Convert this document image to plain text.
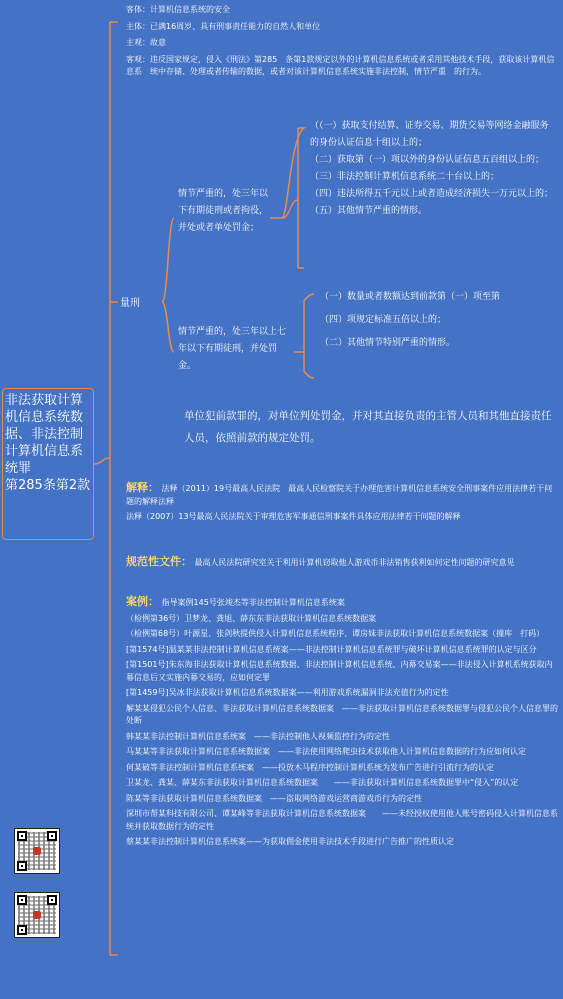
非法获取计算机信息系统数据、非法控制计算机信息系统罪
第285条第2款
客体：计算机信息系统的安全
主体：已满16周岁、具有刑事责任能力的自然人和单位
主观：故意
客观：违反国家规定，侵入《刑法》第285　条第1款规定以外的计算机信息系统或者采用其他技术手段，获取该计算机信息系　统中存储、处理或者传输的数据，或者对该计算机信息系统实施非法控制，情节严重　的行为。
量刑
情节严重的，处三年以下有期徒刑或者拘役，并处或者单处罚金；
（（一）获取支付结算、证券交易、期货交易等网络金融服务的身份认证信息十组以上的；
（二）获取第（一）项以外的身份认证信息五百组以上的；
（三）非法控制计算机信息系统二十台以上的；
（四）违法所得五千元以上或者造成经济损失一万元以上的；
（五）其他情节严重的情形。
情节严重的，处三年以上七年以下有期徒刑，并处罚金。
（一）数量或者数额达到前款第（一）项至第
（四）项规定标准五倍以上的；
（二）其他情节特别严重的情形。
单位犯前款罪的，对单位判处罚金，并对其直接负责的主管人员和其他直接责任人员，依照前款的规定处罚。
解释： 法释（2011）19号最高人民法院　最高人民检察院关于办理危害计算机信息系统安全刑事案件应用法律若干问题的解释法释
法释（2007）13号最高人民法院关于审理危害军事通信刑事案件具体应用法律若干问题的解释
规范性文件： 最高人民法院研究室关于利用计算机窃取他人游戏币非法销售获利如何定性问题的研究意见
案例： 指导案例145号张竣杰等非法控制计算机信息系统案
（检例第36号）卫梦龙、龚旭、薛东东非法获取计算机信息系统数据案
（检例第68号）叶源星、张剑秋提供侵入计算机信息系统程序、谭房妹非法获取计算机信息系统数据案（撞库　打码）
[第1574号]温某某非法控制计算机信息系统案——非法控制计算机信息系统罪与破坏计算机信息系统罪的认定与区分
[第1501号]朱东海非法获取计算机信息系统数据、非法控制计算机信息系统、内幕交易案——非法侵入计算机系统获取内幕信息后又实施内幕交易的，应如何定罪
[第1459号]吴冰非法获取计算机信息系统数据案——利用游戏系统漏洞非法充值行为的定性
解某某侵犯公民个人信息、非法获取计算机信息系统数据案　——非法获取计算机信息系统数据罪与侵犯公民个人信息罪的处断
韩某某非法控制计算机信息系统案　——非法控制他人视频监控行为的定性
马某某等非法获取计算机信息系统数据案　——非法使用网络爬虫技术获取他人计算机信息数据的行为应如何认定
何某破等非法控制计算机信息系统案　——投放木马程序控制计算机系统为发布广告进行引流行为的认定
卫某龙、龚某、薛某东非法获取计算机信息系统数据案　　——非法获取计算机信息系统数据罪中“侵入”的认定
陈某等非法获取计算机信息系统数据案　——盗取网络游戏运营商游戏币行为的定性
深圳市帮某科技有限公司、谭某峰等非法获取计算机信息系统数据案　　——未经授权使用他人账号密码侵入计算机信息系统并获取数据行为的定性
蔡某某非法控制计算机信息系统案——为获取佣金使用非法技术手段进行广告推广的性质认定
